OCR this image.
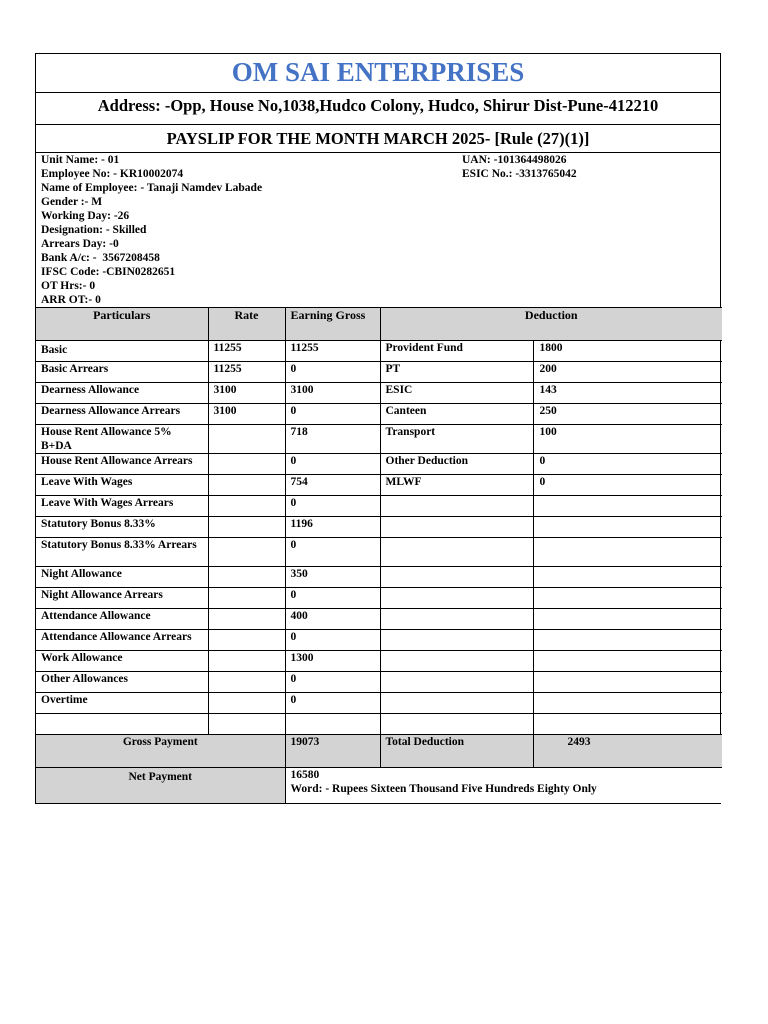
OM SAI ENTERPRISES
Address: -Opp, House No,1038,Hudco Colony, Hudco, Shirur Dist-Pune-412210
PAYSLIP FOR THE MONTH MARCH 2025- [Rule (27)(1)]
Unit Name: - 01
Employee No: - KR10002074
Name of Employee: - Tanaji Namdev Labade
Gender :- M
Working Day: -26
Designation: - Skilled
Arrears Day: -0
Bank A/c: -  3567208458
IFSC Code: -CBIN0282651
OT Hrs:- 0
ARR OT:- 0
UAN: -101364498026
ESIC No.: -3313765042
Particulars	Rate	Earning Gross	Deduction	
Basic	11255	11255	Provident Fund	1800
Basic Arrears	11255	0	PT	200
Dearness Allowance	3100	3100	ESIC	143
Dearness Allowance Arrears	3100	0	Canteen	250
House Rent Allowance 5% B+DA		718	Transport	100
House Rent Allowance Arrears		0	Other Deduction	0
Leave With Wages		754	MLWF	0
Leave With Wages Arrears		0		
Statutory Bonus 8.33%		1196		
Statutory Bonus 8.33% Arrears		0		
Night Allowance		350		
Night Allowance Arrears		0		
Attendance Allowance		400		
Attendance Allowance Arrears		0		
Work Allowance		1300		
Other Allowances		0		
Overtime		0		

Gross Payment		19073	Total Deduction	2493
Net Payment		16580
Word: - Rupees Sixteen Thousand Five Hundreds Eighty Only		
